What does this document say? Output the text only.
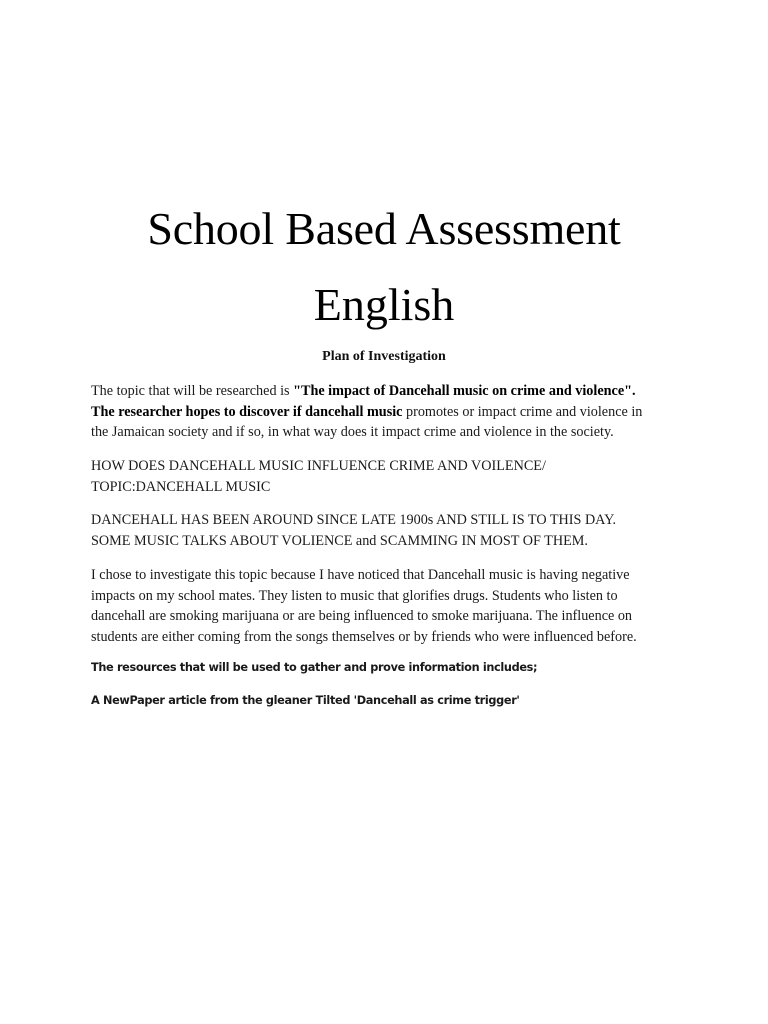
School Based Assessment
English
Plan of Investigation

The topic that will be researched is "The impact of Dancehall music on crime and violence".
The researcher hopes to discover if dancehall music promotes or impact crime and violence in
the Jamaican society and if so, in what way does it impact crime and violence in the society.

HOW DOES DANCEHALL MUSIC INFLUENCE CRIME AND VOILENCE/
TOPIC:DANCEHALL MUSIC

DANCEHALL HAS BEEN AROUND SINCE LATE 1900s AND STILL IS TO THIS DAY.
SOME MUSIC TALKS ABOUT VOLIENCE and SCAMMING IN MOST OF THEM.

I chose to investigate this topic because I have noticed that Dancehall music is having negative
impacts on my school mates. They listen to music that glorifies drugs. Students who listen to
dancehall are smoking marijuana or are being influenced to smoke marijuana. The influence on
students are either coming from the songs themselves or by friends who were influenced before.

The resources that will be used to gather and prove information includes;

A NewPaper article from the gleaner Tilted 'Dancehall as crime trigger'
